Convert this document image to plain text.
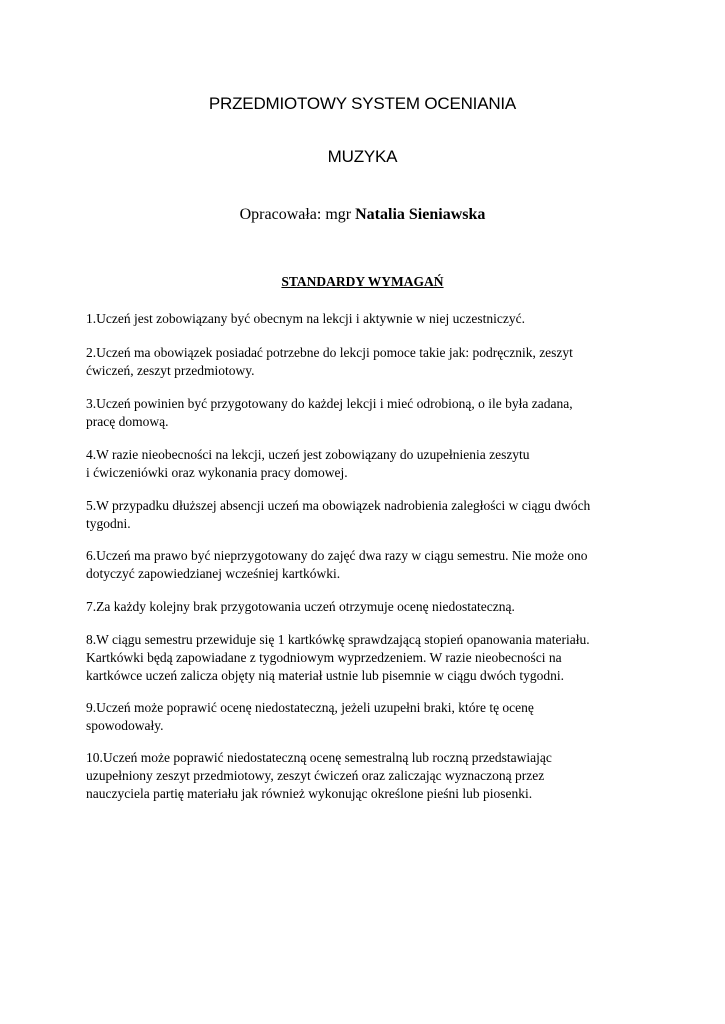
PRZEDMIOTOWY SYSTEM OCENIANIA
MUZYKA
Opracowała: mgr Natalia Sieniawska
STANDARDY WYMAGAŃ

1.Uczeń jest zobowiązany być obecnym na lekcji i aktywnie w niej uczestniczyć.

2.Uczeń ma obowiązek posiadać potrzebne do lekcji pomoce takie jak: podręcznik, zeszyt
ćwiczeń, zeszyt przedmiotowy.

3.Uczeń powinien być przygotowany do każdej lekcji i mieć odrobioną, o ile była zadana,
pracę domową.

4.W razie nieobecności na lekcji, uczeń jest zobowiązany do uzupełnienia zeszytu
i ćwiczeniówki oraz wykonania pracy domowej.

5.W przypadku dłuższej absencji uczeń ma obowiązek nadrobienia zaległości w ciągu dwóch
tygodni.

6.Uczeń ma prawo być nieprzygotowany do zajęć dwa razy w ciągu semestru. Nie może ono
dotyczyć zapowiedzianej wcześniej kartkówki.

7.Za każdy kolejny brak przygotowania uczeń otrzymuje ocenę niedostateczną.

8.W ciągu semestru przewiduje się 1 kartkówkę sprawdzającą stopień opanowania materiału.
Kartkówki będą zapowiadane z tygodniowym wyprzedzeniem. W razie nieobecności na
kartkówce uczeń zalicza objęty nią materiał ustnie lub pisemnie w ciągu dwóch tygodni.

9.Uczeń może poprawić ocenę niedostateczną, jeżeli uzupełni braki, które tę ocenę
spowodowały.

10.Uczeń może poprawić niedostateczną ocenę semestralną lub roczną przedstawiając
uzupełniony zeszyt przedmiotowy, zeszyt ćwiczeń oraz zaliczając wyznaczoną przez
nauczyciela partię materiału jak również wykonując określone pieśni lub piosenki.
